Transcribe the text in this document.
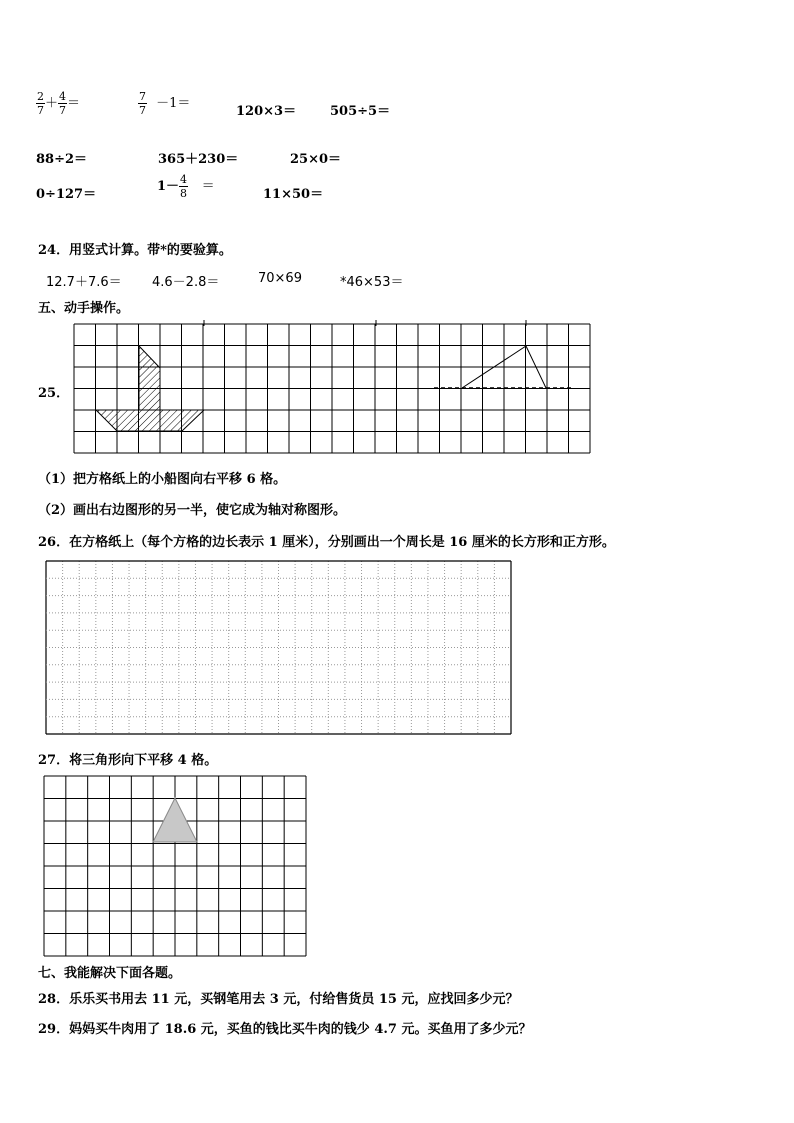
$\frac{2}{7} + \frac{4}{7}$ ＝	$\frac{7}{7} -1=$
120×3＝	505÷5＝
88÷2＝	365＋230＝	25×0＝
0÷127＝
$1- \frac{4}{8}$ ＝
11×50＝
24．用竖式计算。带*的要验算。
12.7＋7.6＝ 4.6－2.8＝	70×69	*46×53＝
五、动手操作。
25．
（1）把方格纸上的小船图向右平移 6 格。
（2）画出右边图形的另一半，使它成为轴对称图形。
26．在方格纸上（每个方格的边长表示 1 厘米），分别画出一个周长是 16 厘米的长方形和正方形。
27．将三角形向下平移 4 格。
七、我能解决下面各题。
28．乐乐买书用去 11 元，买钢笔用去 3 元，付给售货员 15 元，应找回多少元？
29．妈妈买牛肉用了 18.6 元，买鱼的钱比买牛肉的钱少 4.7 元。买鱼用了多少元？
